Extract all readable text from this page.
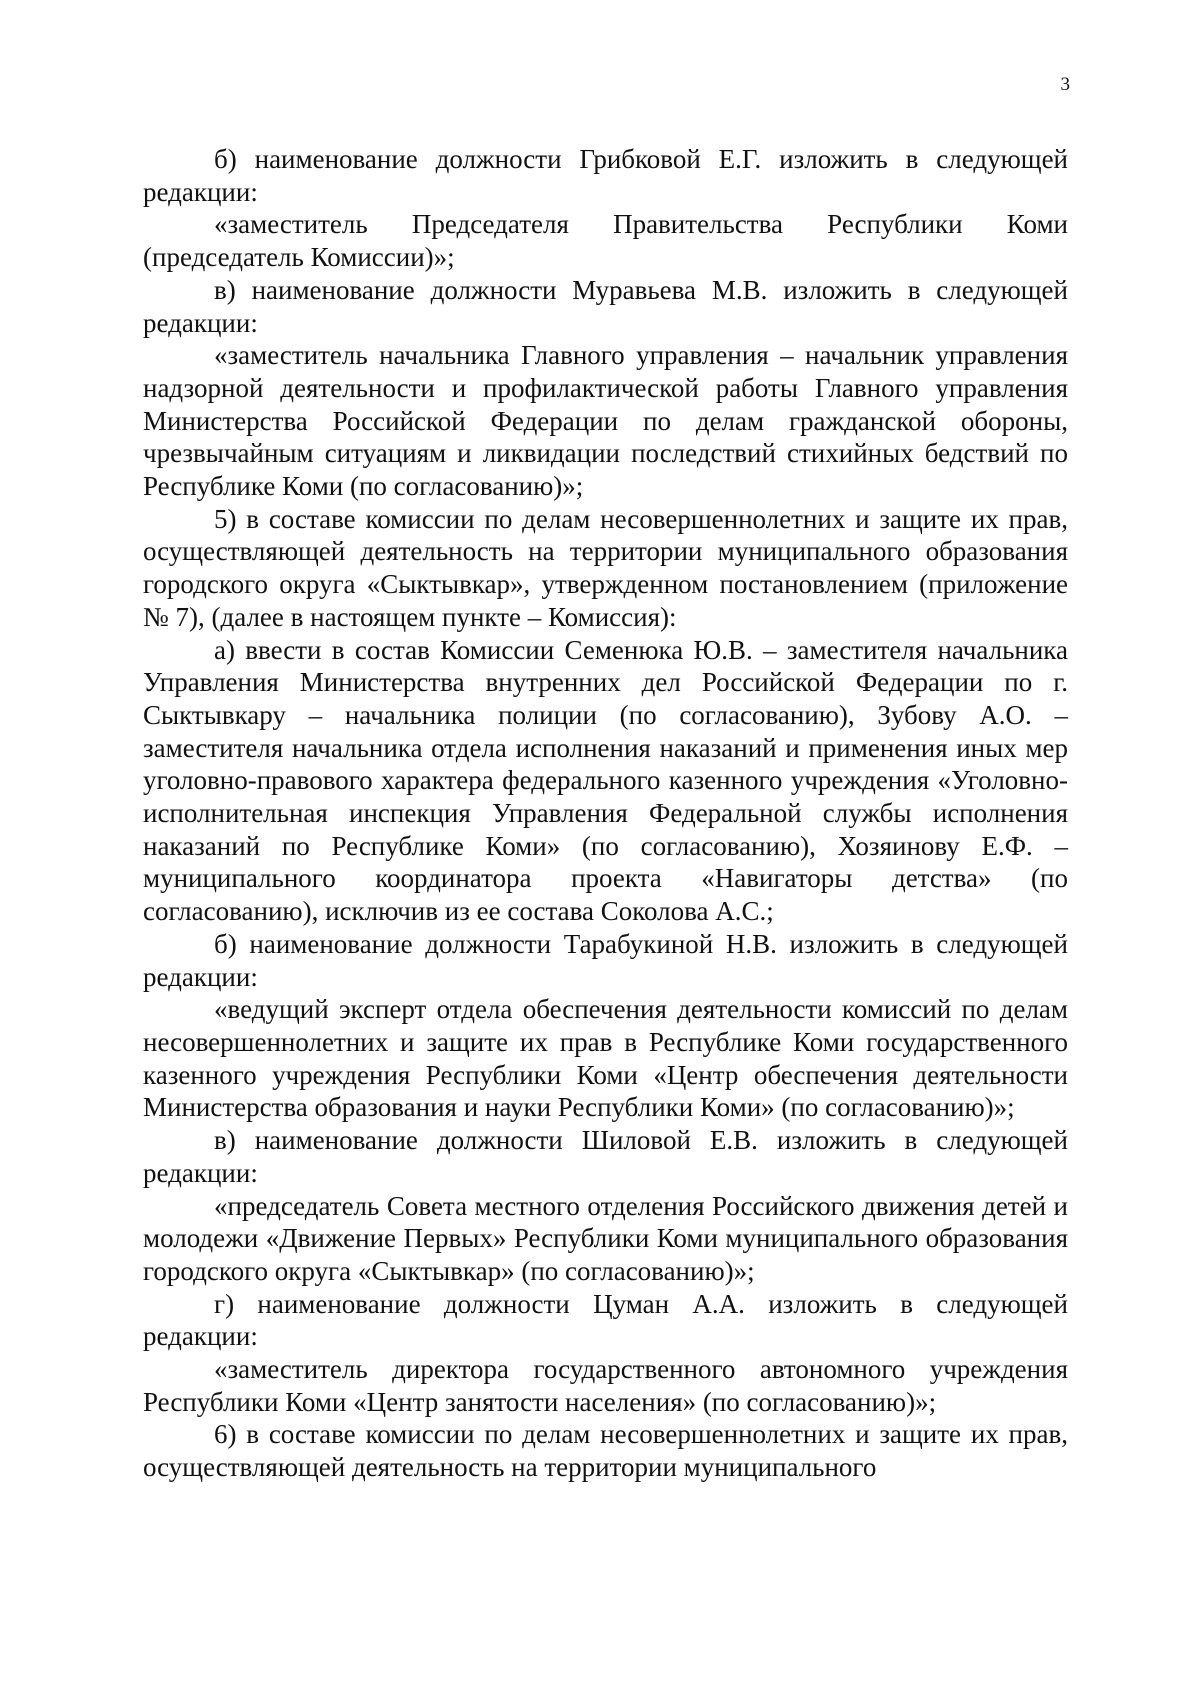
3

б) наименование должности Грибковой Е.Г. изложить в следующей редакции:

«заместитель Председателя Правительства Республики Коми (председатель Комиссии)»;

в) наименование должности Муравьева М.В. изложить в следующей редакции:

«заместитель начальника Главного управления – начальник управления надзорной деятельности и профилактической работы Главного управления Министерства Российской Федерации по делам гражданской обороны, чрезвычайным ситуациям и ликвидации последствий стихийных бедствий по Республике Коми (по согласованию)»;

5) в составе комиссии по делам несовершеннолетних и защите их прав, осуществляющей деятельность на территории муниципального образования городского округа «Сыктывкар», утвержденном постановлением (приложение № 7), (далее в настоящем пункте – Комиссия):

а) ввести в состав Комиссии Семенюка Ю.В. – заместителя начальника Управления Министерства внутренних дел Российской Федерации по г. Сыктывкару – начальника полиции (по согласованию), Зубову А.О. – заместителя начальника отдела исполнения наказаний и применения иных мер уголовно-правового характера федерального казенного учреждения «Уголовно-исполнительная инспекция Управления Федеральной службы исполнения наказаний по Республике Коми» (по согласованию), Хозяинову Е.Ф. – муниципального координатора проекта «Навигаторы детства» (по согласованию), исключив из ее состава Соколова А.С.;

б) наименование должности Тарабукиной Н.В. изложить в следующей редакции:

«ведущий эксперт отдела обеспечения деятельности комиссий по делам несовершеннолетних и защите их прав в Республике Коми государственного казенного учреждения Республики Коми «Центр обеспечения деятельности Министерства образования и науки Республики Коми» (по согласованию)»;

в) наименование должности Шиловой Е.В. изложить в следующей редакции:

«председатель Совета местного отделения Российского движения детей и молодежи «Движение Первых» Республики Коми муниципального образования городского округа «Сыктывкар» (по согласованию)»;

г) наименование должности Цуман А.А. изложить в следующей редакции:

«заместитель директора государственного автономного учреждения Республики Коми «Центр занятости населения» (по согласованию)»;

6) в составе комиссии по делам несовершеннолетних и защите их прав, осуществляющей деятельность на территории муниципального
